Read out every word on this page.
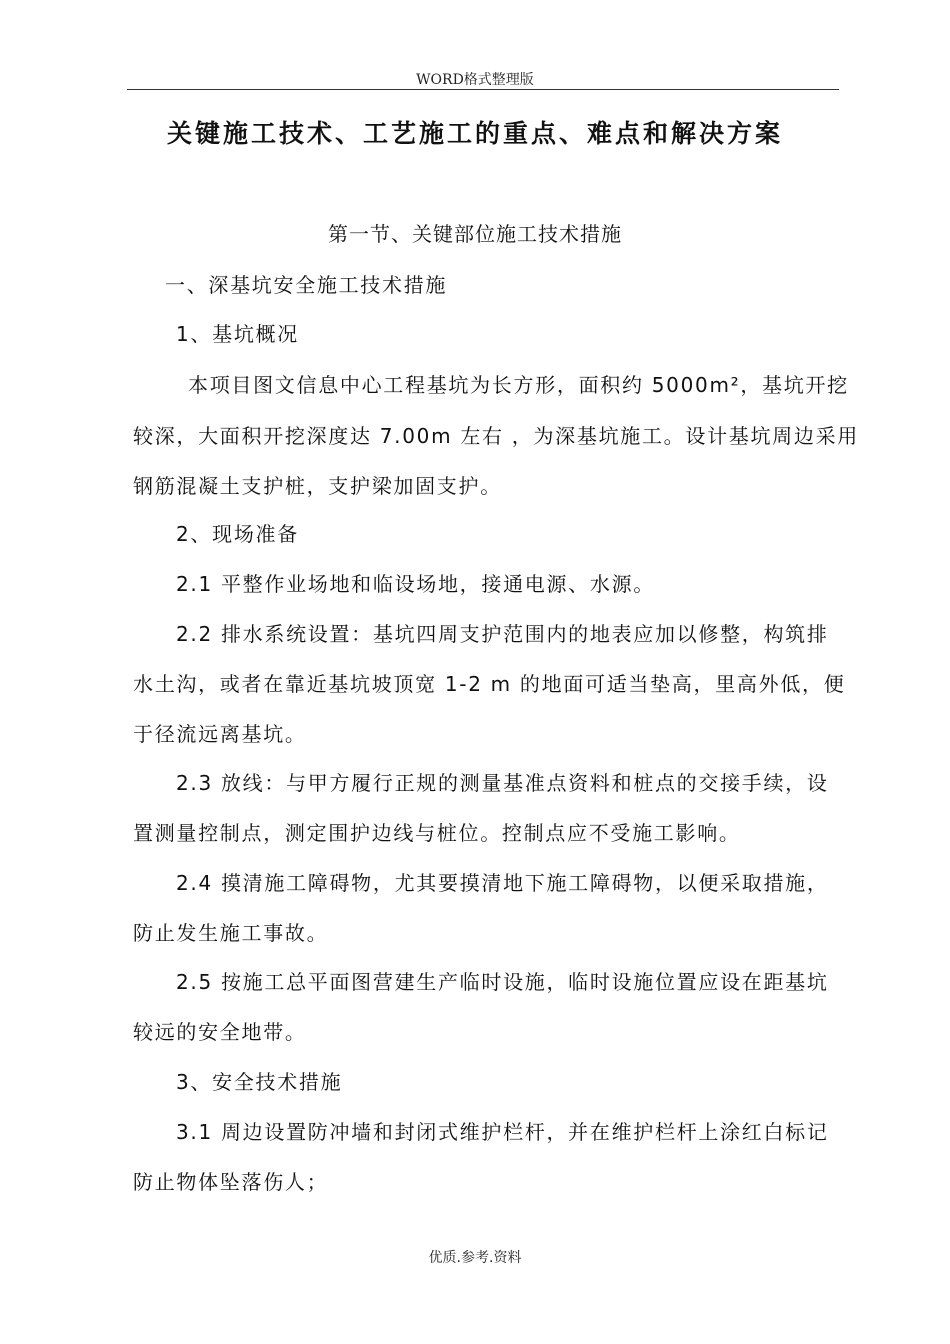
WORD格式整理版
关键施工技术、工艺施工的重点、难点和解决方案
第一节、关键部位施工技术措施
一、深基坑安全施工技术措施
1、基坑概况
本项目图文信息中心工程基坑为长方形，面积约 5000m²，基坑开挖
较深，大面积开挖深度达 7.00m 左右 ，为深基坑施工。设计基坑周边采用
钢筋混凝土支护桩，支护梁加固支护。
2、现场准备
2.1 平整作业场地和临设场地，接通电源、水源。
2.2 排水系统设置：基坑四周支护范围内的地表应加以修整，构筑排
水土沟，或者在靠近基坑坡顶宽 1-2 m 的地面可适当垫高，里高外低，便
于径流远离基坑。
2.3 放线：与甲方履行正规的测量基准点资料和桩点的交接手续，设
置测量控制点，测定围护边线与桩位。控制点应不受施工影响。
2.4 摸清施工障碍物，尤其要摸清地下施工障碍物，以便采取措施，
防止发生施工事故。
2.5 按施工总平面图营建生产临时设施，临时设施位置应设在距基坑
较远的安全地带。
3、安全技术措施
3.1 周边设置防冲墙和封闭式维护栏杆，并在维护栏杆上涂红白标记
防止物体坠落伤人；
优质.参考.资料
